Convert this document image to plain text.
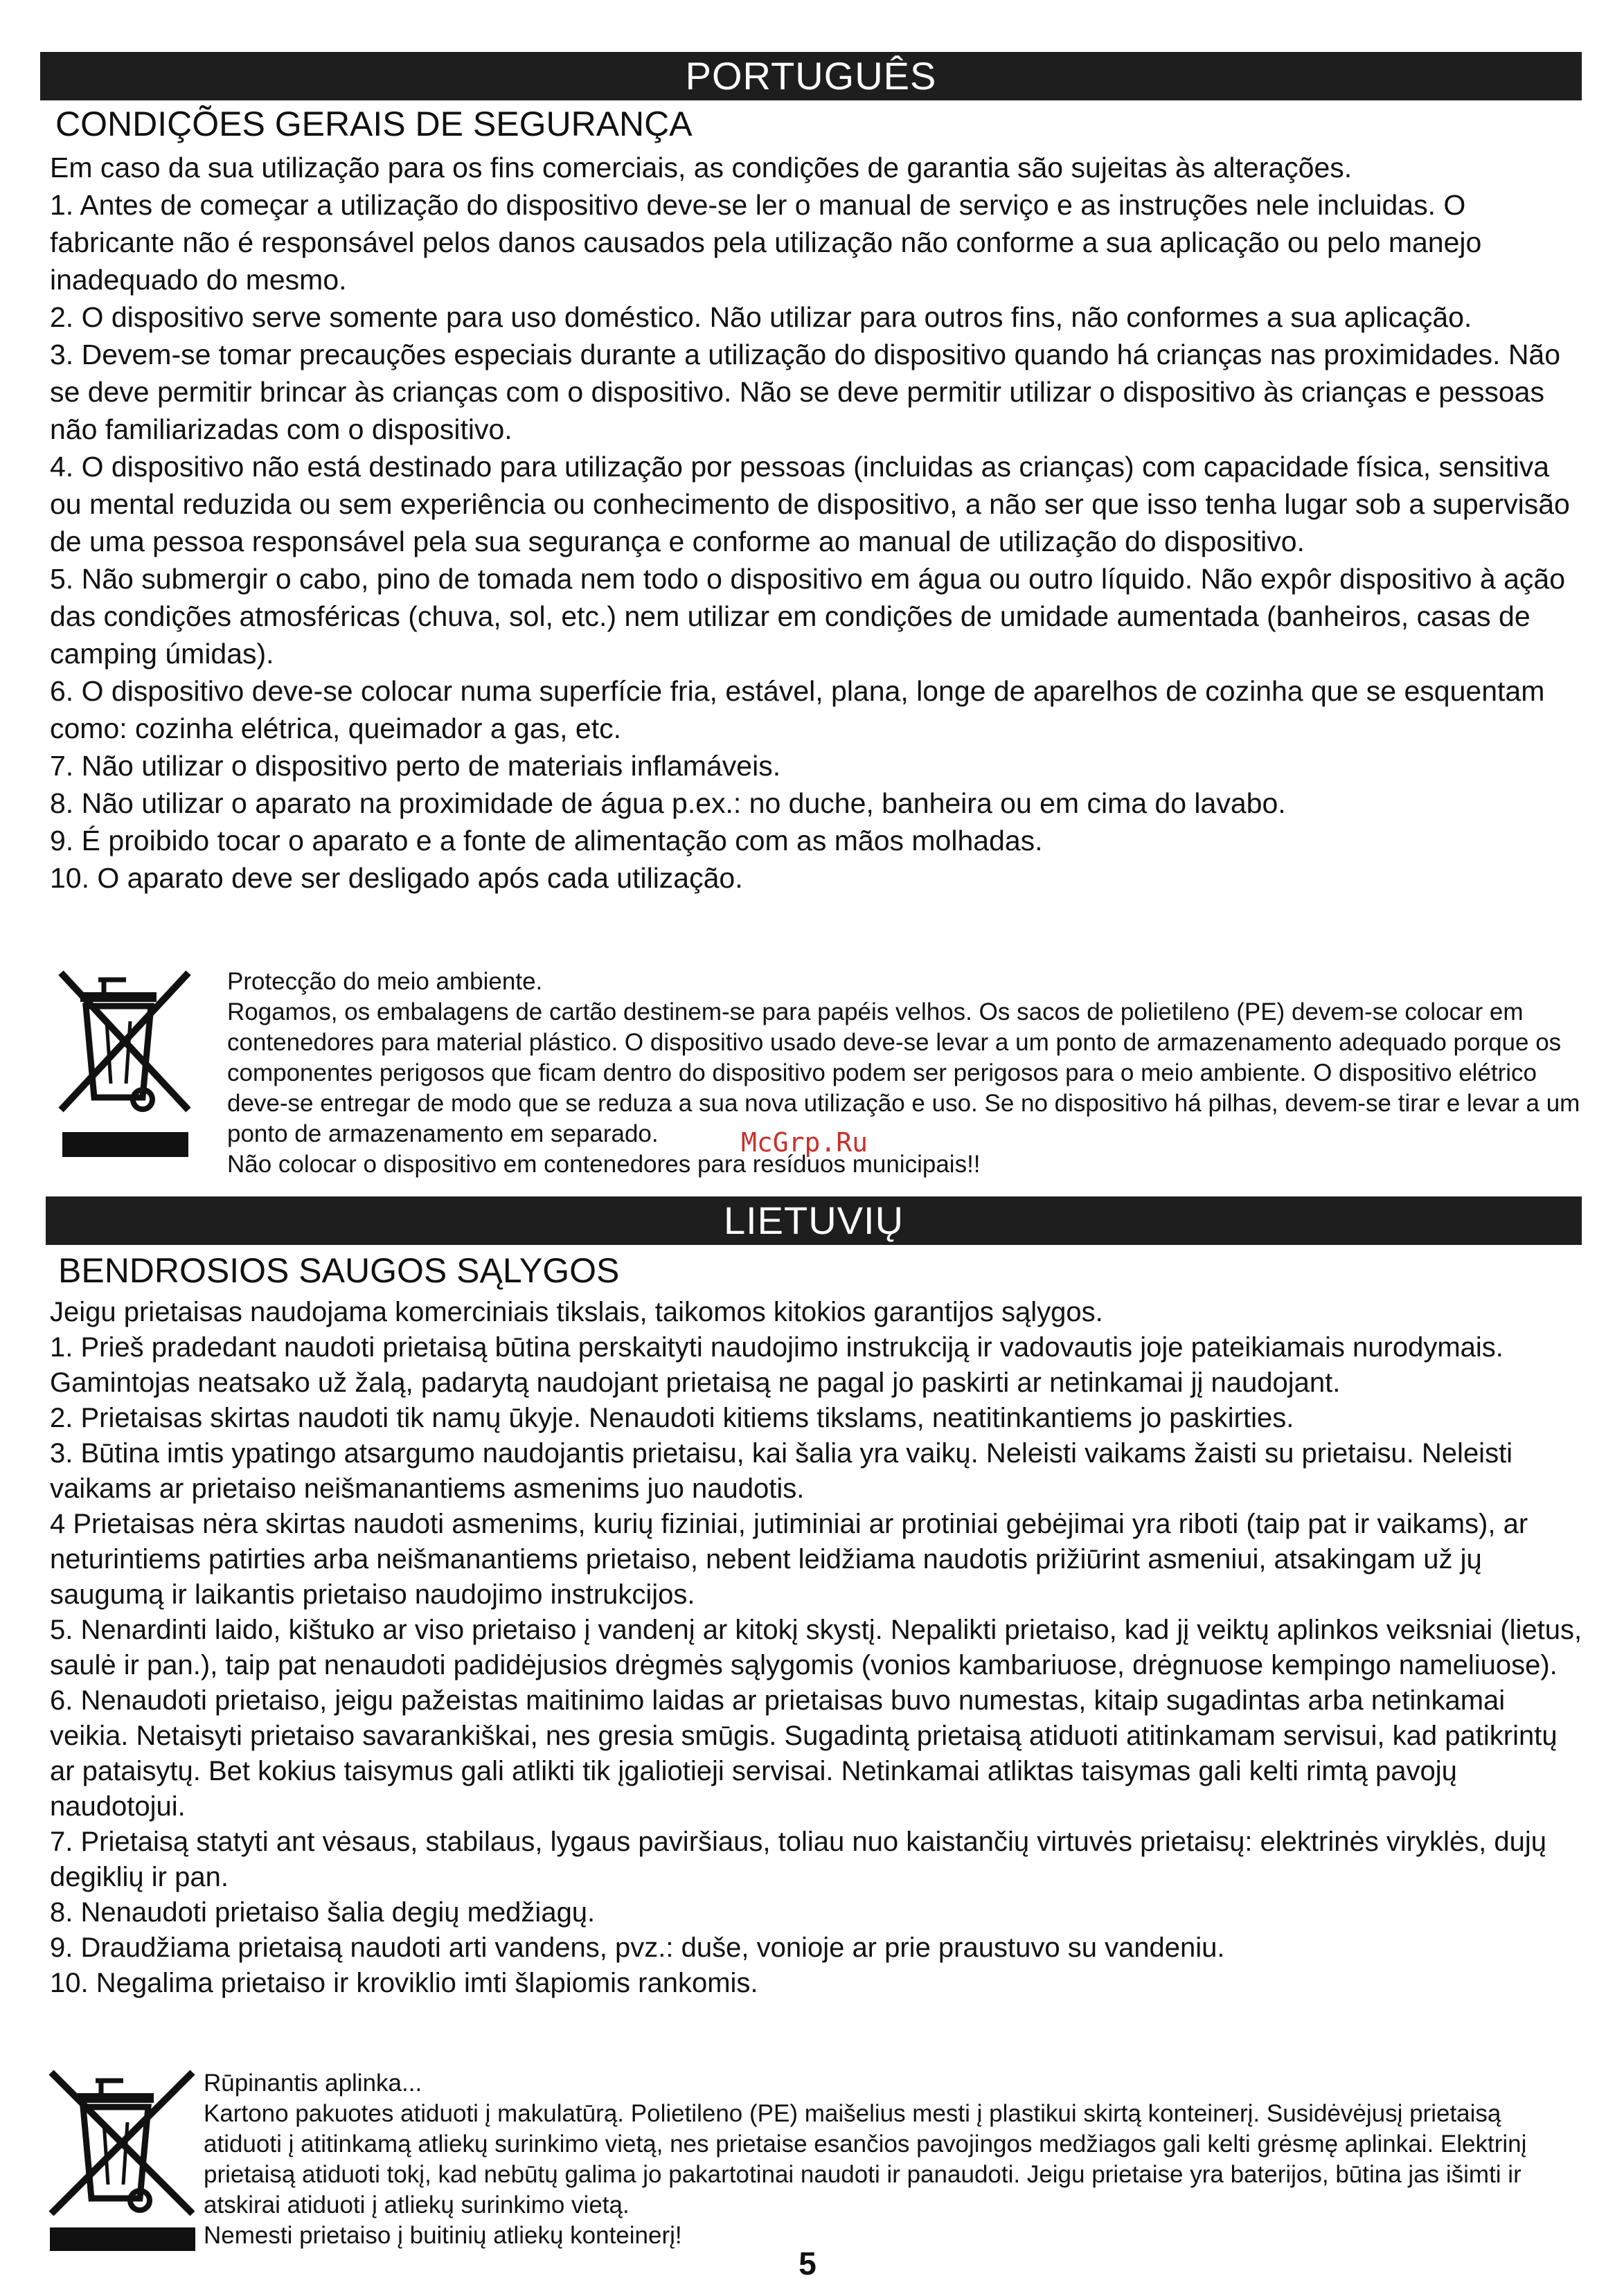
PORTUGUÊS
CONDIÇÕES GERAIS DE SEGURANÇA

Em caso da sua utilização para os fins comerciais, as condições de garantia são sujeitas às alterações.

1. Antes de começar a utilização do dispositivo deve-se ler o manual de serviço e as instruções nele incluidas. O fabricante não é responsável pelos danos causados pela utilização não conforme a sua aplicação ou pelo manejo inadequado do mesmo.

2. O dispositivo serve somente para uso doméstico. Não utilizar para outros fins, não conformes a sua aplicação.

3. Devem-se tomar precauções especiais durante a utilização do dispositivo quando há crianças nas proximidades. Não se deve permitir brincar às crianças com o dispositivo. Não se deve permitir utilizar o dispositivo às crianças e pessoas não familiarizadas com o dispositivo.

4. O dispositivo não está destinado para utilização por pessoas (incluidas as crianças) com capacidade física, sensitiva ou mental reduzida ou sem experiência ou conhecimento de dispositivo, a não ser que isso tenha lugar sob a supervisão de uma pessoa responsável pela sua segurança e conforme ao manual de utilização do dispositivo.

5. Não submergir o cabo, pino de tomada nem todo o dispositivo em água ou outro líquido. Não expôr dispositivo à ação das condições atmosféricas (chuva, sol, etc.) nem utilizar em condições de umidade aumentada (banheiros, casas de camping úmidas).

6. O dispositivo deve-se colocar numa superfície fria, estável, plana, longe de aparelhos de cozinha que se esquentam como: cozinha elétrica, queimador a gas, etc.

7. Não utilizar o dispositivo perto de materiais inflamáveis.

8. Não utilizar o aparato na proximidade de água p.ex.: no duche, banheira ou em cima do lavabo.

9. É proibido tocar o aparato e a fonte de alimentação com as mãos molhadas.

10. O aparato deve ser desligado após cada utilização.

Protecção do meio ambiente.

Rogamos, os embalagens de cartão destinem-se para papéis velhos. Os sacos de polietileno (PE) devem-se colocar em contenedores para material plástico. O dispositivo usado deve-se levar a um ponto de armazenamento adequado porque os componentes perigosos que ficam dentro do dispositivo podem ser perigosos para o meio ambiente. O dispositivo elétrico deve-se entregar de modo que se reduza a sua nova utilização e uso. Se no dispositivo há pilhas, devem-se tirar e levar a um ponto de armazenamento em separado.

Não colocar o dispositivo em contenedores para resíduos municipais!!

McGrp.Ru
LIETUVIŲ
BENDROSIOS SAUGOS SĄLYGOS

Jeigu prietaisas naudojama komerciniais tikslais, taikomos kitokios garantijos sąlygos.

1. Prieš pradedant naudoti prietaisą būtina perskaityti naudojimo instrukciją ir vadovautis joje pateikiamais nurodymais. Gamintojas neatsako už žalą, padarytą naudojant prietaisą ne pagal jo paskirti ar netinkamai jį naudojant.

2. Prietaisas skirtas naudoti tik namų ūkyje. Nenaudoti kitiems tikslams, neatitinkantiems jo paskirties.

3. Būtina imtis ypatingo atsargumo naudojantis prietaisu, kai šalia yra vaikų. Neleisti vaikams žaisti su prietaisu. Neleisti vaikams ar prietaiso neišmanantiems asmenims juo naudotis.

4 Prietaisas nėra skirtas naudoti asmenims, kurių fiziniai, jutiminiai ar protiniai gebėjimai yra riboti (taip pat ir vaikams), ar neturintiems patirties arba neišmanantiems prietaiso, nebent leidžiama naudotis prižiūrint asmeniui, atsakingam už jų saugumą ir laikantis prietaiso naudojimo instrukcijos.

5. Nenardinti laido, kištuko ar viso prietaiso į vandenį ar kitokį skystį. Nepalikti prietaiso, kad jį veiktų aplinkos veiksniai (lietus, saulė ir pan.), taip pat nenaudoti padidėjusios drėgmės sąlygomis (vonios kambariuose, drėgnuose kempingo nameliuose).

6. Nenaudoti prietaiso, jeigu pažeistas maitinimo laidas ar prietaisas buvo numestas, kitaip sugadintas arba netinkamai veikia. Netaisyti prietaiso savarankiškai, nes gresia smūgis. Sugadintą prietaisą atiduoti atitinkamam servisui, kad patikrintų ar pataisytų. Bet kokius taisymus gali atlikti tik įgaliotieji servisai. Netinkamai atliktas taisymas gali kelti rimtą pavojų naudotojui.

7. Prietaisą statyti ant vėsaus, stabilaus, lygaus paviršiaus, toliau nuo kaistančių virtuvės prietaisų: elektrinės viryklės, dujų degiklių ir pan.

8. Nenaudoti prietaiso šalia degių medžiagų.

9. Draudžiama prietaisą naudoti arti vandens, pvz.: duše, vonioje ar prie praustuvo su vandeniu.

10. Negalima prietaiso ir kroviklio imti šlapiomis rankomis.

Rūpinantis aplinka...

Kartono pakuotes atiduoti į makulatūrą. Polietileno (PE) maišelius mesti į plastikui skirtą konteinerį. Susidėvėjusį prietaisą atiduoti į atitinkamą atliekų surinkimo vietą, nes prietaise esančios pavojingos medžiagos gali kelti grėsmę aplinkai. Elektrinį prietaisą atiduoti tokį, kad nebūtų galima jo pakartotinai naudoti ir panaudoti. Jeigu prietaise yra baterijos, būtina jas išimti ir atskirai atiduoti į atliekų surinkimo vietą.

Nemesti prietaiso į buitinių atliekų konteinerį!

5
